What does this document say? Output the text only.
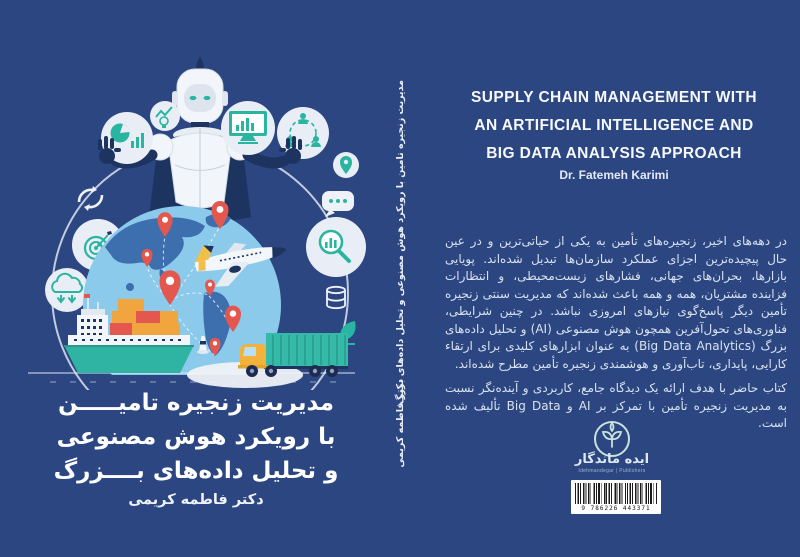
مدیریت زنجیره تامیـــــن
با رویکرد هوش مصنوعی
و تحلیل داده‌های بــــزرگ
دکتر فاطمه کریمی
مدیریت زنجیره تامین با رویکرد هوش مصنوعی و تحلیل داده‌های بزرگ
دکتر فاطمه کریمی
SUPPLY CHAIN MANAGEMENT WITH
AN ARTIFICIAL INTELLIGENCE AND
BIG DATA ANALYSIS APPROACH
Dr. Fatemeh Karimi

در دهه‌های اخیر، زنجیره‌های تأمین به یکی از حیاتی‌ترین و در عین حال پیچیده‌ترین اجزای عملکرد سازمان‌ها تبدیل شده‌اند. پویایی بازارها، بحران‌های جهانی، فشارهای زیست‌محیطی، و انتظارات فزاینده مشتریان، همه و همه باعث شده‌اند که مدیریت سنتی زنجیره تأمین دیگر پاسخ‌گوی نیازهای امروزی نباشد. در چنین شرایطی، فناوری‌های تحول‌آفرین همچون هوش مصنوعی (AI) و تحلیل داده‌های بزرگ (Big Data Analytics) به عنوان ابزارهای کلیدی برای ارتقاء کارایی، پایداری، تاب‌آوری و هوشمندی زنجیره تأمین مطرح شده‌اند.

کتاب حاضر با هدف ارائه یک دیدگاه جامع، کاربردی و آینده‌نگر نسبت به مدیریت زنجیره تأمین با تمرکز بر AI و Big Data تألیف شده است.

ایده ماندگار
Idehmandegar | Publishers
9 786226 443371
